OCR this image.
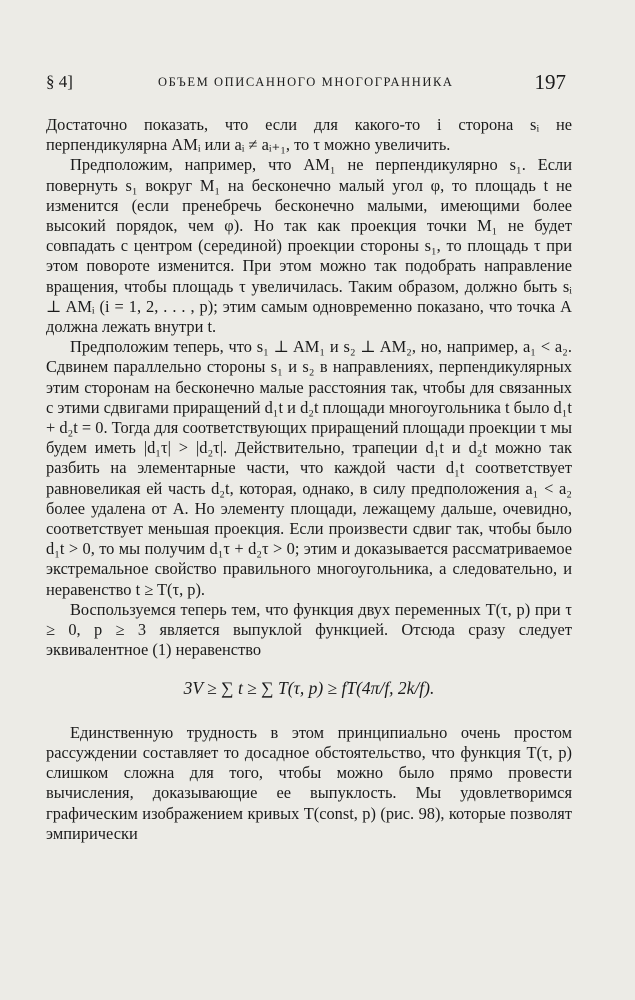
§ 4]	ОБЪЕМ ОПИСАННОГО МНОГОГРАННИКА	197

Достаточно показать, что если для какого-то i сторона sᵢ не перпендикулярна AMᵢ или aᵢ ≠ aᵢ₊₁, то τ можно увеличить.

Предположим, например, что AM₁ не перпендикулярно s₁. Если повернуть s₁ вокруг M₁ на бесконечно малый угол φ, то площадь t не изменится (если пренебречь бесконечно малыми, имеющими более высокий порядок, чем φ). Но так как проекция точки M₁ не будет совпадать с центром (серединой) проекции стороны s₁, то площадь τ при этом повороте изменится. При этом можно так подобрать направление вращения, чтобы площадь τ увеличилась. Таким образом, должно быть sᵢ ⊥ AMᵢ (i = 1, 2, . . . , p); этим самым одновременно показано, что точка A должна лежать внутри t.

Предположим теперь, что s₁ ⊥ AM₁ и s₂ ⊥ AM₂, но, например, a₁ < a₂. Сдвинем параллельно стороны s₁ и s₂ в направлениях, перпендикулярных этим сторонам на бесконечно малые расстояния так, чтобы для связанных с этими сдвигами приращений d₁t и d₂t площади многоугольника t было d₁t + d₂t = 0. Тогда для соответствующих приращений площади проекции τ мы будем иметь |d₁τ| > |d₂τ|. Действительно, трапеции d₁t и d₂t можно так разбить на элементарные части, что каждой части d₁t соответствует равновеликая ей часть d₂t, которая, однако, в силу предположения a₁ < a₂ более удалена от A. Но элементу площади, лежащему дальше, очевидно, соответствует меньшая проекция. Если произвести сдвиг так, чтобы было d₁t > 0, то мы получим d₁τ + d₂τ > 0; этим и доказывается рассматриваемое экстремальное свойство правильного многоугольника, а следовательно, и неравенство t ≥ T(τ, p).

Воспользуемся теперь тем, что функция двух переменных T(τ, p) при τ ≥ 0, p ≥ 3 является выпуклой функцией. Отсюда сразу следует эквивалентное (1) неравенство

3V ≥ ∑ t ≥ ∑ T(τ, p) ≥ fT(4π/f, 2k/f).

Единственную трудность в этом принципиально очень простом рассуждении составляет то досадное обстоятельство, что функция T(τ, p) слишком сложна для того, чтобы можно было прямо провести вычисления, доказывающие ее выпуклость. Мы удовлетворимся графическим изображением кривых T(const, p) (рис. 98), которые позволят эмпирически
